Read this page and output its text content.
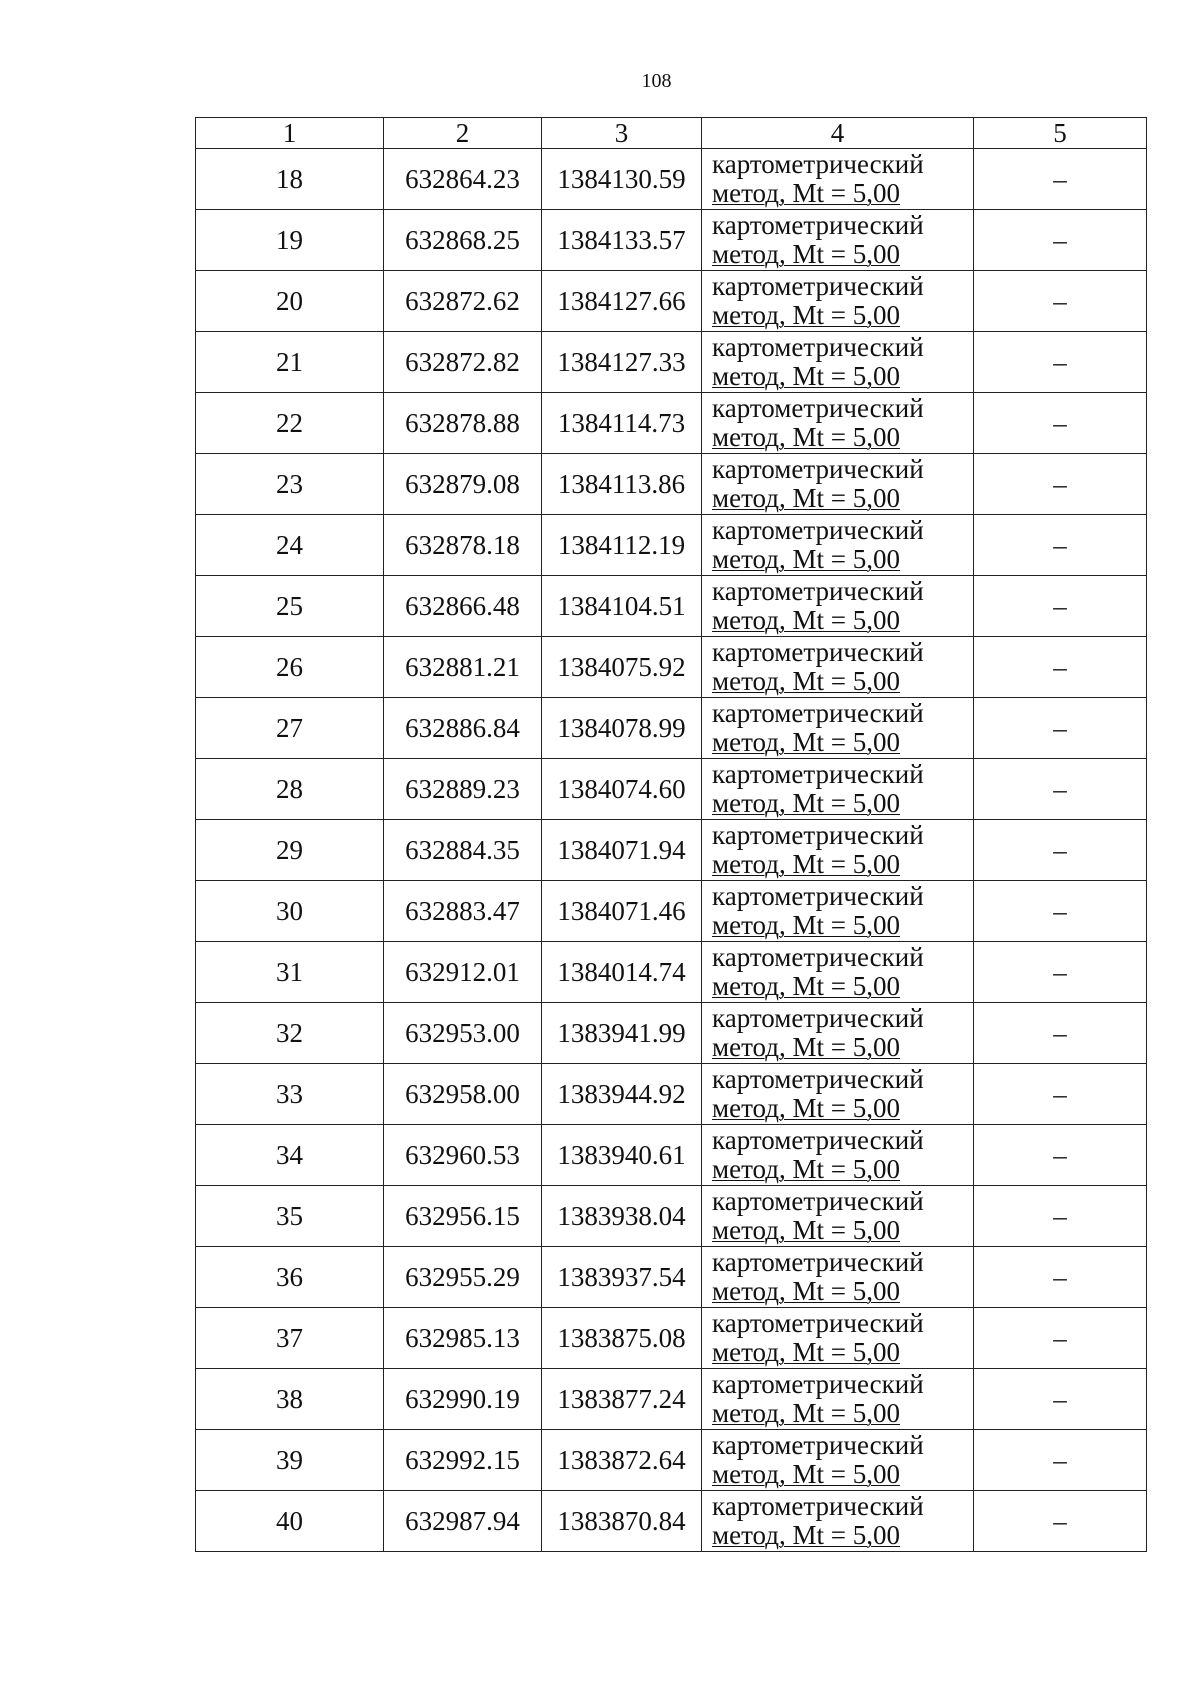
108
1	2	3	4	5
18	632864.23	1384130.59	картометрический
метод, Mt = 5,00	–
19	632868.25	1384133.57	картометрический
метод, Mt = 5,00	–
20	632872.62	1384127.66	картометрический
метод, Mt = 5,00	–
21	632872.82	1384127.33	картометрический
метод, Mt = 5,00	–
22	632878.88	1384114.73	картометрический
метод, Mt = 5,00	–
23	632879.08	1384113.86	картометрический
метод, Mt = 5,00	–
24	632878.18	1384112.19	картометрический
метод, Mt = 5,00	–
25	632866.48	1384104.51	картометрический
метод, Mt = 5,00	–
26	632881.21	1384075.92	картометрический
метод, Mt = 5,00	–
27	632886.84	1384078.99	картометрический
метод, Mt = 5,00	–
28	632889.23	1384074.60	картометрический
метод, Mt = 5,00	–
29	632884.35	1384071.94	картометрический
метод, Mt = 5,00	–
30	632883.47	1384071.46	картометрический
метод, Mt = 5,00	–
31	632912.01	1384014.74	картометрический
метод, Mt = 5,00	–
32	632953.00	1383941.99	картометрический
метод, Mt = 5,00	–
33	632958.00	1383944.92	картометрический
метод, Mt = 5,00	–
34	632960.53	1383940.61	картометрический
метод, Mt = 5,00	–
35	632956.15	1383938.04	картометрический
метод, Mt = 5,00	–
36	632955.29	1383937.54	картометрический
метод, Mt = 5,00	–
37	632985.13	1383875.08	картометрический
метод, Mt = 5,00	–
38	632990.19	1383877.24	картометрический
метод, Mt = 5,00	–
39	632992.15	1383872.64	картометрический
метод, Mt = 5,00	–
40	632987.94	1383870.84	картометрический
метод, Mt = 5,00	–
